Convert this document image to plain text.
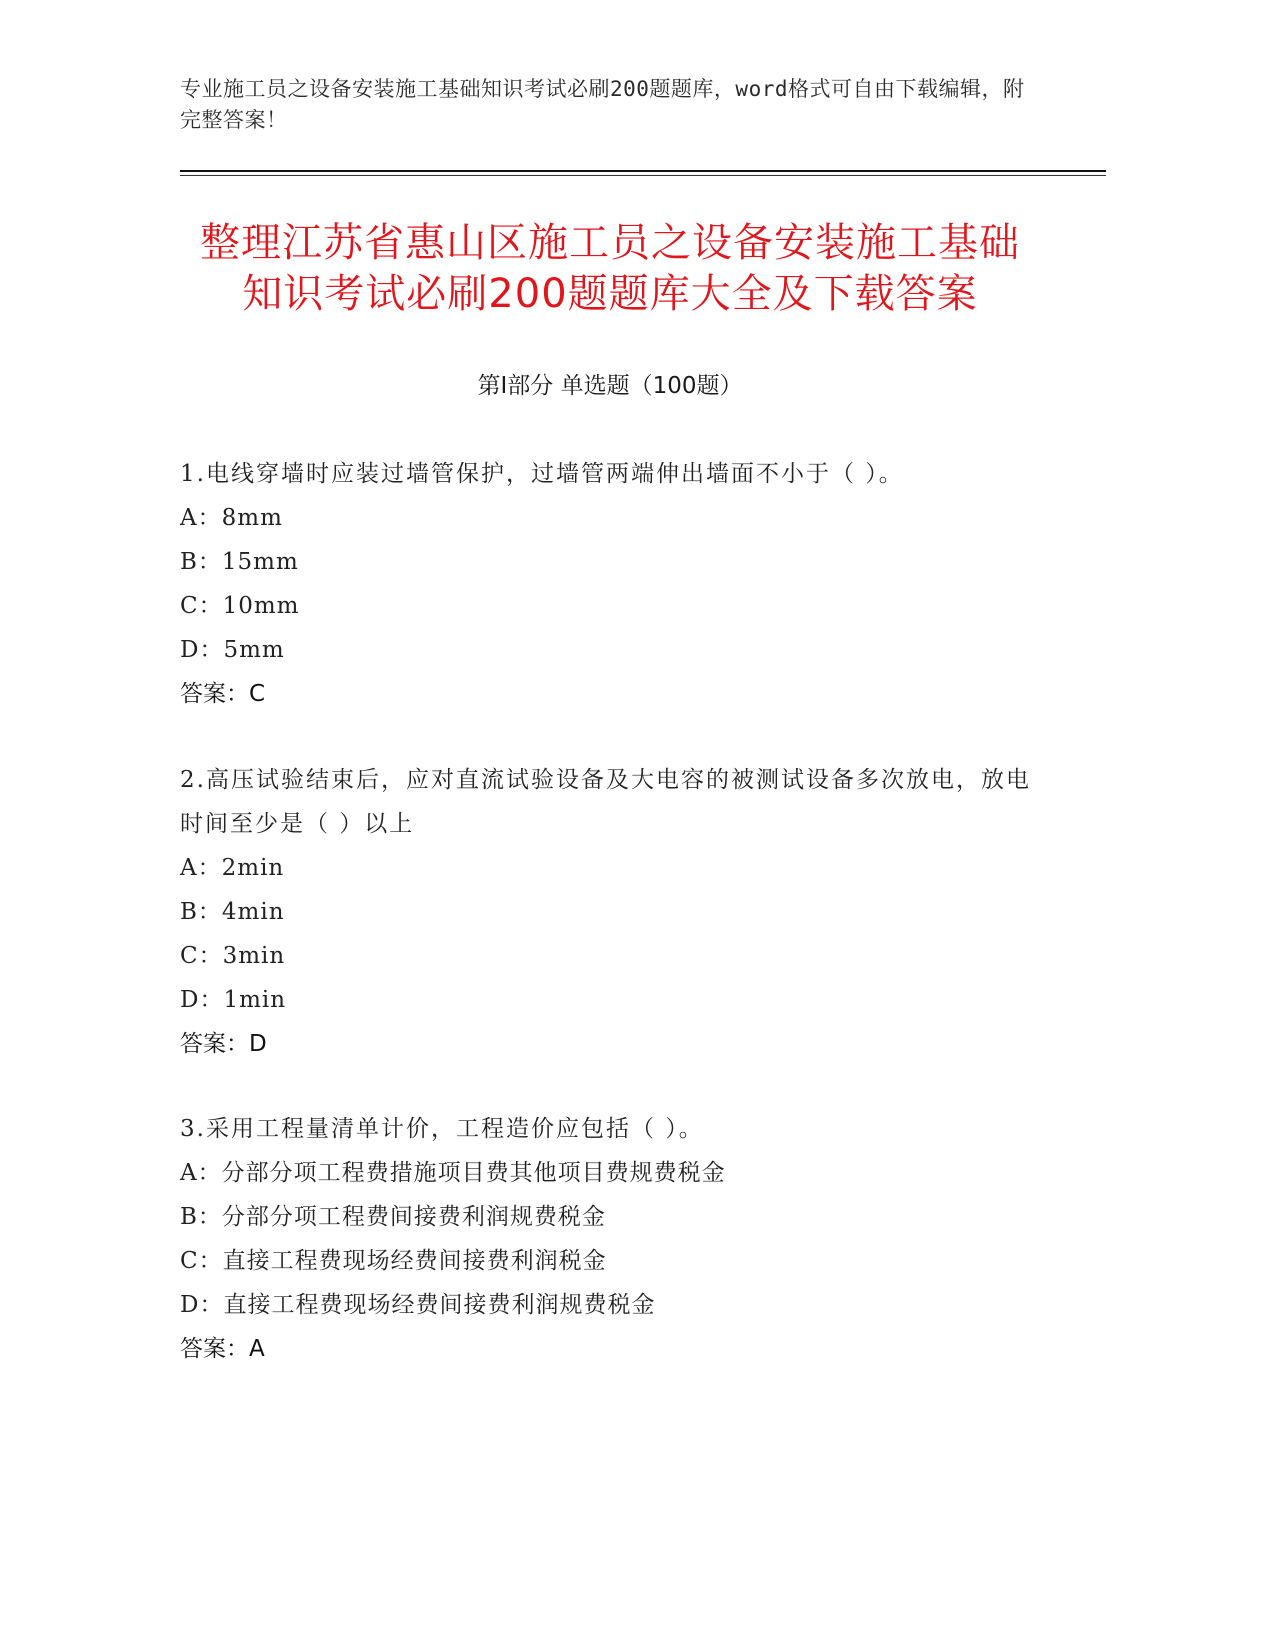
专业施工员之设备安装施工基础知识考试必刷200题题库，word格式可自由下载编辑，附完整答案！
整理江苏省惠山区施工员之设备安装施工基础知识考试必刷200题题库大全及下载答案
第Ⅰ部分 单选题（100题）
1.电线穿墙时应装过墙管保护，过墙管两端伸出墙面不小于（ ）。
A：8mm
B：15mm
C：10mm
D：5mm
答案：C
2.高压试验结束后，应对直流试验设备及大电容的被测试设备多次放电，放电时间至少是（ ）以上
A：2min
B：4min
C：3min
D：1min
答案：D
3.采用工程量清单计价，工程造价应包括（ ）。
A：分部分项工程费措施项目费其他项目费规费税金
B：分部分项工程费间接费利润规费税金
C：直接工程费现场经费间接费利润税金
D：直接工程费现场经费间接费利润规费税金
答案：A
